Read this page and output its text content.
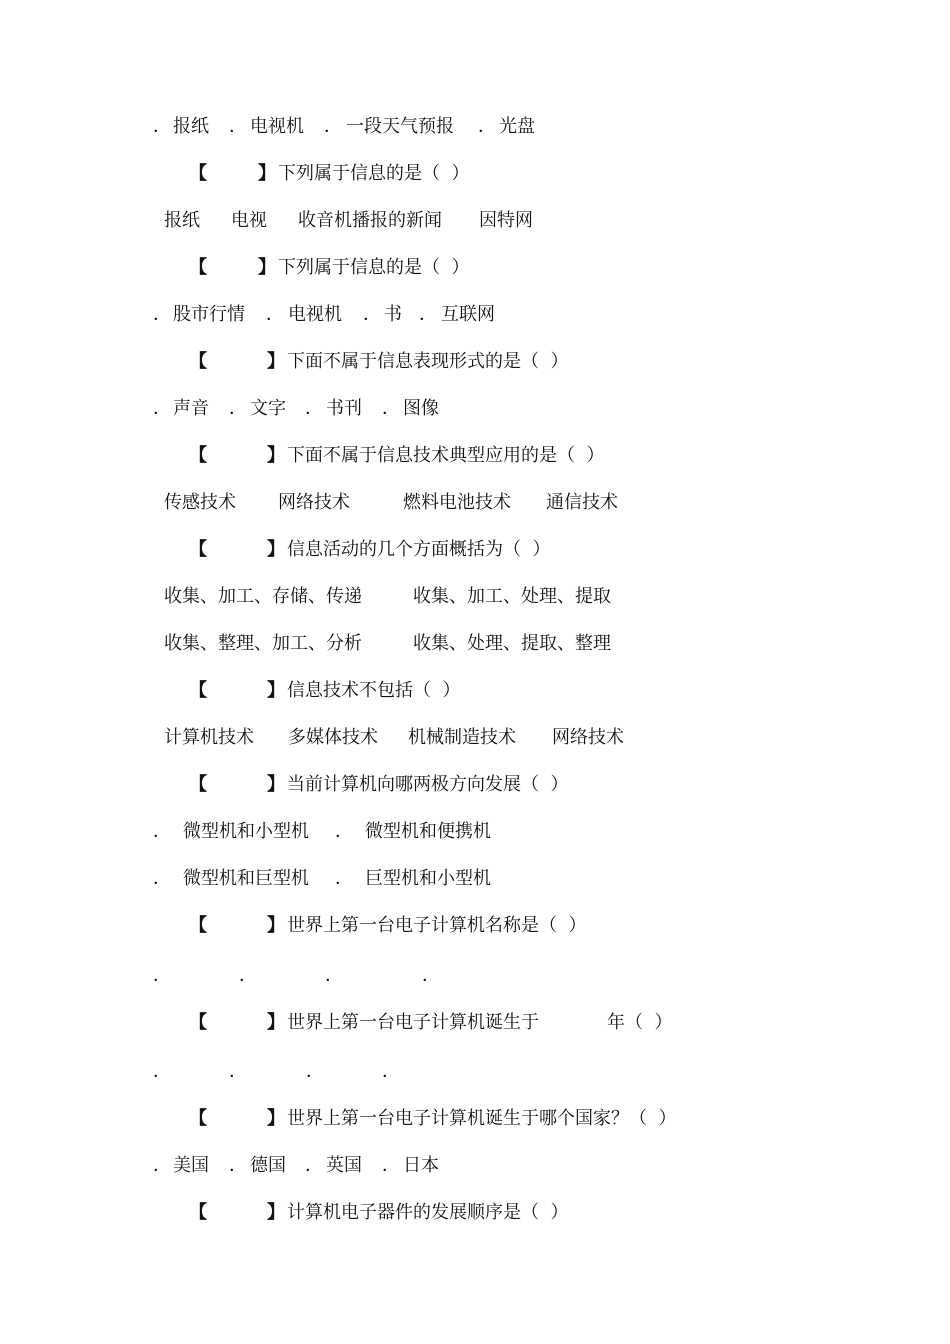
． 报纸 ． 电视机 ． 一段天气预报 ． 光盘
【	】 下列属于信息的是（  ）
报纸 电视 收音机播报的新闻 因特网
【	】 下列属于信息的是（  ）
． 股市行情 ． 电视机 ． 书 ． 互联网
【	】 下面不属于信息表现形式的是（  ）
． 声音 ． 文字 ． 书刊 ． 图像
【	】 下面不属于信息技术典型应用的是（  ）
传感技术 网络技术	燃料电池技术 通信技术
【	】 信息活动的几个方面概括为（  ）
收集、加工、存储、传递	收集、加工、处理、提取
收集、整理、加工、分析	收集、处理、提取、整理
【	】 信息技术不包括（  ）
计算机技术 多媒体技术 机械制造技术 网络技术
【	】 当前计算机向哪两极方向发展（  ）
． 微型机和小型机 ． 微型机和便携机
． 微型机和巨型机 ． 巨型机和小型机
【	】 世界上第一台电子计算机名称是（  ）
．	．	．	．
【	】 世界上第一台电子计算机诞生于	年（  ）
．	．	．	．
【	】 世界上第一台电子计算机诞生于哪个国家？（  ）
． 美国 ． 德国 ． 英国 ． 日本
【	】 计算机电子器件的发展顺序是（  ）
